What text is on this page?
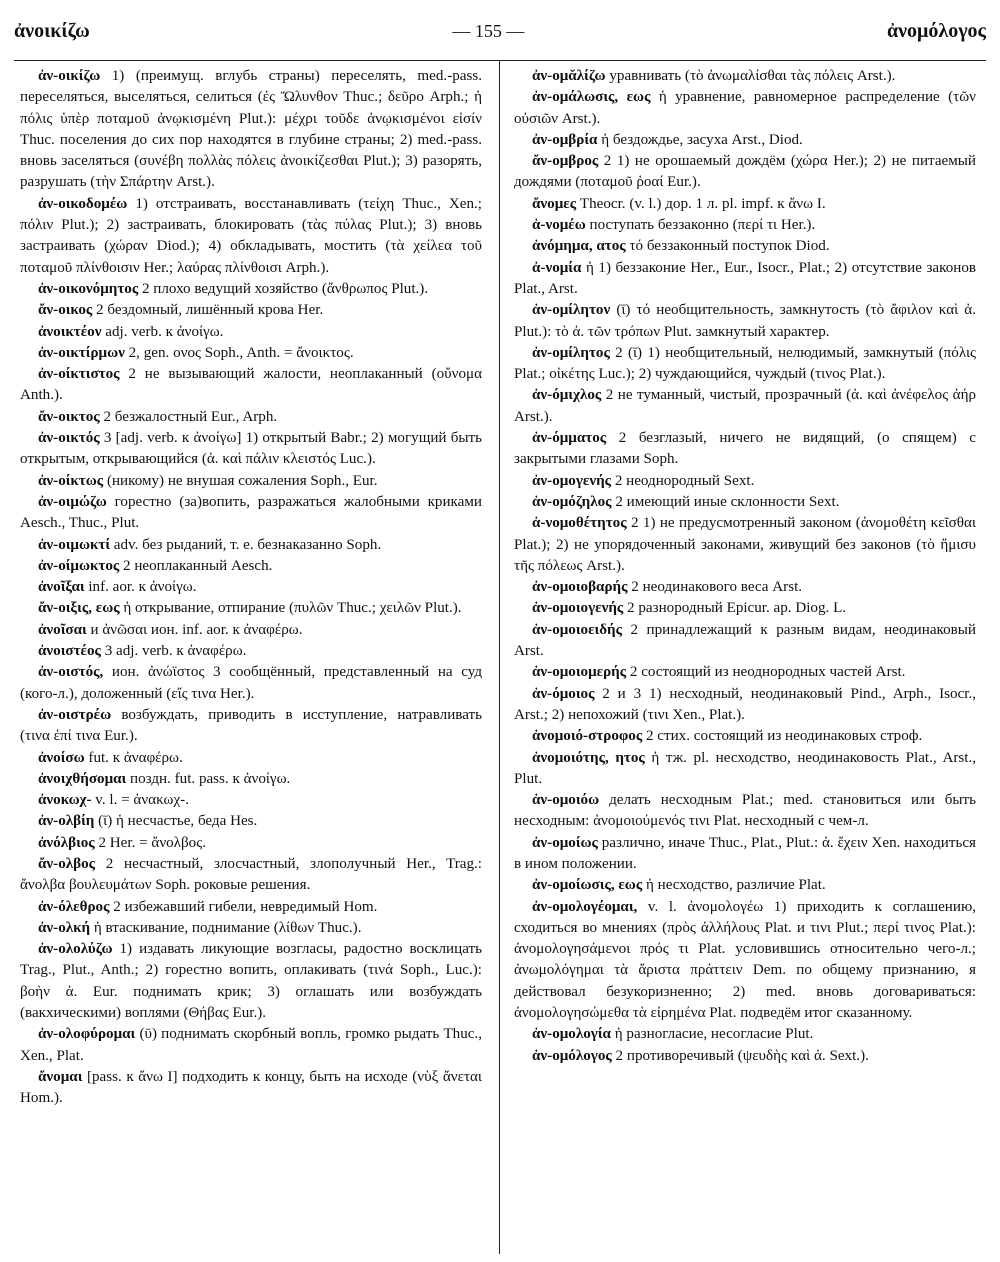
ἀνοικίζω	— 155 —	ἀνομόλογος

ἀν-οικίζω 1) (преимущ. вглубь страны) переселять, med.-pass. переселяться, выселяться, селиться (ἐς Ὤλυνθον Thuc.; δεῦρο Arph.; ἡ πόλις ὑπὲρ ποταμοῦ ἀνῳκισμένη Plut.): μέχρι τοῦδε ἀνῳκισμένοι εἰσίν Thuc. поселения до сих пор находятся в глубине страны; 2) med.-pass. вновь заселяться (συνέβη πολλὰς πόλεις ἀνοικίζεσθαι Plut.); 3) разорять, разрушать (τὴν Σπάρτην Arst.).

ἀν-οικοδομέω 1) отстраивать, восстанавливать (τείχη Thuc., Xen.; πόλιν Plut.); 2) застраивать, блокировать (τὰς πύλας Plut.); 3) вновь застраивать (χώραν Diod.); 4) обкладывать, мостить (τὰ χείλεα τοῦ ποταμοῦ πλίνθοισιν Her.; λαύρας πλίνθοισι Arph.).

ἀν-οικονόμητος 2 плохо ведущий хозяйство (ἄνθρωπος Plut.).

ἄν-οικος 2 бездомный, лишённый крова Her.

ἀνοικτέον adj. verb. к ἀνοίγω.

ἀν-οικτίρμων 2, gen. ονος Soph., Anth. = ἄνοικτος.

ἀν-οίκτιστος 2 не вызывающий жалости, неоплаканный (οὔνομα Anth.).

ἄν-οικτος 2 безжалостный Eur., Arph.

ἀν-οικτός 3 [adj. verb. к ἀνοίγω] 1) открытый Babr.; 2) могущий быть открытым, открывающийся (ἀ. καὶ πάλιν κλειστός Luc.).

ἀν-οίκτως (никому) не внушая сожаления Soph., Eur.

ἀν-οιμώζω горестно (за)вопить, разражаться жалобными криками Aesch., Thuc., Plut.

ἀν-οιμωκτί adv. без рыданий, т. е. безнаказанно Soph.

ἀν-οίμωκτος 2 неоплаканный Aesch.

ἀνοῖξαι inf. aor. к ἀνοίγω.

ἄν-οιξις, εως ἡ открывание, отпирание (πυλῶν Thuc.; χειλῶν Plut.).

ἀνοῖσαι и ἀνῶσαι ион. inf. aor. к ἀναφέρω.

ἀνοιστέος 3 adj. verb. к ἀναφέρω.

ἀν-οιστός, ион. ἀνώϊστος 3 сообщённый, представленный на суд (кого-л.), доложенный (εἴς τινα Her.).

ἀν-οιστρέω возбуждать, приводить в исступление, натравливать (τινα ἐπί τινα Eur.).

ἀνοίσω fut. к ἀναφέρω.

ἀνοιχθήσομαι поздн. fut. pass. к ἀνοίγω.

ἀνοκωχ- v. l. = ἀνακωχ-.

ἀν-ολβίη (ῑ) ἡ несчастье, беда Hes.

ἀνόλβιος 2 Her. = ἄνολβος.

ἄν-ολβος 2 несчастный, злосчастный, злополучный Her., Trag.: ἄνολβα βουλευμάτων Soph. роковые решения.

ἀν-όλεθρος 2 избежавший гибели, невредимый Hom.

ἀν-ολκή ἡ втаскивание, поднимание (λίθων Thuc.).

ἀν-ολολύζω 1) издавать ликующие возгласы, радостно восклицать Trag., Plut., Anth.; 2) горестно вопить, оплакивать (τινά Soph., Luc.): βοὴν ἀ. Eur. поднимать крик; 3) оглашать или возбуждать (вакхическими) воплями (Θήβας Eur.).

ἀν-ολοφύρομαι (ῡ) поднимать скорбный вопль, громко рыдать Thuc., Xen., Plat.

ἄνομαι [pass. к ἄνω I] подходить к концу, быть на исходе (νὺξ ἄνεται Hom.).

ἀν-ομᾰλίζω уравнивать (τὸ ἀνωμαλίσθαι τὰς πόλεις Arst.).

ἀν-ομάλωσις, εως ἡ уравнение, равномерное распределение (τῶν οὐσιῶν Arst.).

ἀν-ομβρία ἡ бездождье, засуха Arst., Diod.

ἄν-ομβρος 2 1) не орошаемый дождём (χώρα Her.); 2) не питаемый дождями (ποταμοῦ ῥοαί Eur.).

ἄνομες Theocr. (v. l.) дор. 1 л. pl. impf. к ἄνω I.

ἀ-νομέω поступать беззаконно (περί τι Her.).

ἀνόμημα, ατος τό беззаконный поступок Diod.

ἀ-νομία ἡ 1) беззаконие Her., Eur., Isocr., Plat.; 2) отсутствие законов Plat., Arst.

ἀν-ομίλητον (ῑ) τό необщительность, замкнутость (τὸ ἄφιλον καὶ ἀ. Plut.): τὸ ἀ. τῶν τρόπων Plut. замкнутый характер.

ἀν-ομίλητος 2 (ῑ) 1) необщительный, нелюдимый, замкнутый (πόλις Plat.; οἰκέτης Luc.); 2) чуждающийся, чуждый (τινος Plat.).

ἀν-όμιχλος 2 не туманный, чистый, прозрачный (ἀ. καὶ ἀνέφελος ἀήρ Arst.).

ἀν-όμματος 2 безглазый, ничего не видящий, (о спящем) с закрытыми глазами Soph.

ἀν-ομογενής 2 неоднородный Sext.

ἀν-ομόζηλος 2 имеющий иные склонности Sext.

ἀ-νομοθέτητος 2 1) не предусмотренный законом (ἀνομοθέτη κεῖσθαι Plat.); 2) не упорядоченный законами, живущий без законов (τὸ ἥμισυ τῆς πόλεως Arst.).

ἀν-ομοιοβαρής 2 неодинакового веса Arst.

ἀν-ομοιογενής 2 разнородный Epicur. ap. Diog. L.

ἀν-ομοιοειδής 2 принадлежащий к разным видам, неодинаковый Arst.

ἀν-ομοιομερής 2 состоящий из неоднородных частей Arst.

ἀν-όμοιος 2 и 3 1) несходный, неодинаковый Pind., Arph., Isocr., Arst.; 2) непохожий (τινι Xen., Plat.).

ἀνομοιό-στροφος 2 стих. состоящий из неодинаковых строф.

ἀνομοιότης, ητος ἡ тж. pl. несходство, неодинаковость Plat., Arst., Plut.

ἀν-ομοιόω делать несходным Plat.; med. становиться или быть несходным: ἀνομοιούμενός τινι Plat. несходный с чем-л.

ἀν-ομοίως различно, иначе Thuc., Plat., Plut.: ἀ. ἔχειν Xen. находиться в ином положении.

ἀν-ομοίωσις, εως ἡ несходство, различие Plat.

ἀν-ομολογέομαι, v. l. ἀνομολογέω 1) приходить к соглашению, сходиться во мнениях (πρὸς ἀλλήλους Plat. и τινι Plut.; περί τινος Plat.): ἀνομολογησάμενοι πρός τι Plat. условившись относительно чего-л.; ἀνωμολόγημαι τὰ ἄριστα πράττειν Dem. по общему признанию, я действовал безукоризненно; 2) med. вновь договариваться: ἀνομολογησώμεθα τὰ εἰρημένα Plat. подведём итог сказанному.

ἀν-ομολογία ἡ разногласие, несогласие Plut.

ἀν-ομόλογος 2 противоречивый (ψευδὴς καὶ ἀ. Sext.).
